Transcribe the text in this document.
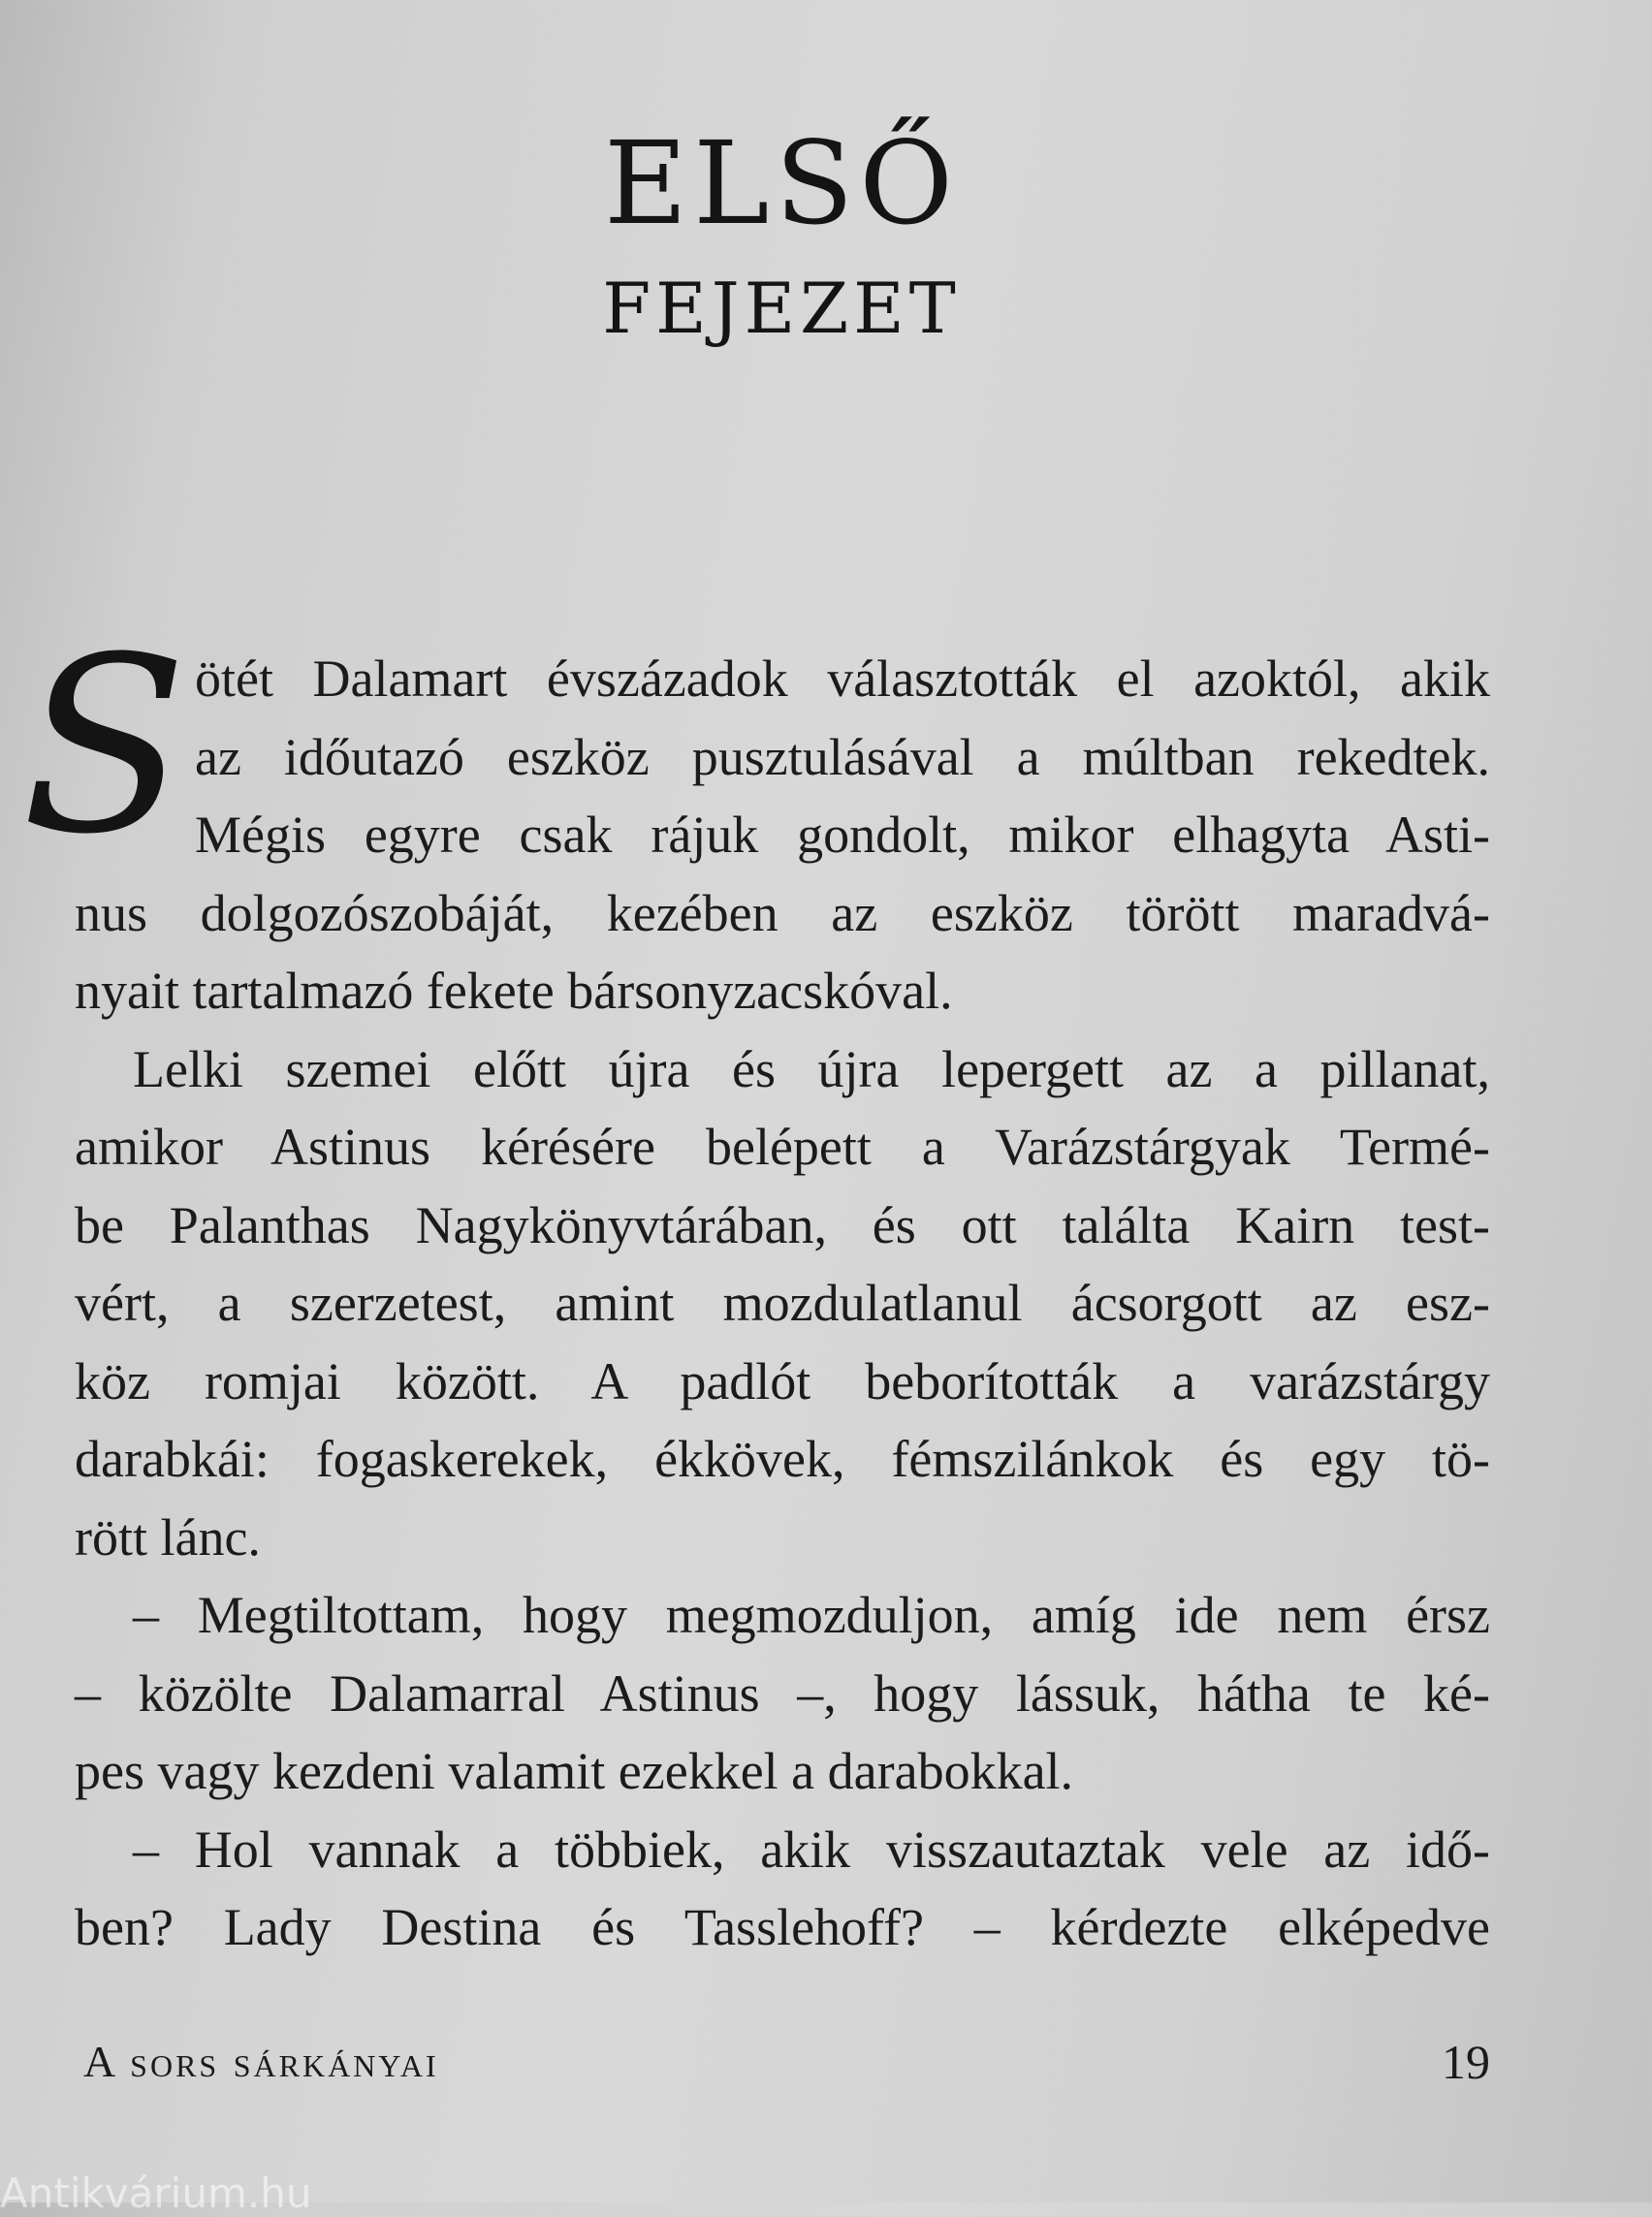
ELSŐ
FEJEZET
S ötét Dalamart évszázadok választották el azoktól, akik
az időutazó eszköz pusztulásával a múltban rekedtek.
Mégis egyre csak rájuk gondolt, mikor elhagyta Asti-
nus dolgozószobáját, kezében az eszköz törött maradvá-
nyait tartalmazó fekete bársonyzacskóval.
Lelki szemei előtt újra és újra lepergett az a pillanat,
amikor Astinus kérésére belépett a Varázstárgyak Termé-
be Palanthas Nagykönyvtárában, és ott találta Kairn test-
vért, a szerzetest, amint mozdulatlanul ácsorgott az esz-
köz romjai között. A padlót beborították a varázstárgy
darabkái: fogaskerekek, ékkövek, fémszilánkok és egy tö-
rött lánc.
– Megtiltottam, hogy megmozduljon, amíg ide nem érsz
– közölte Dalamarral Astinus –, hogy lássuk, hátha te ké-
pes vagy kezdeni valamit ezekkel a darabokkal.
– Hol vannak a többiek, akik visszautaztak vele az idő-
ben? Lady Destina és Tasslehoff? – kérdezte elképedve
A sors sárkányai	19
Antikvárium.hu
